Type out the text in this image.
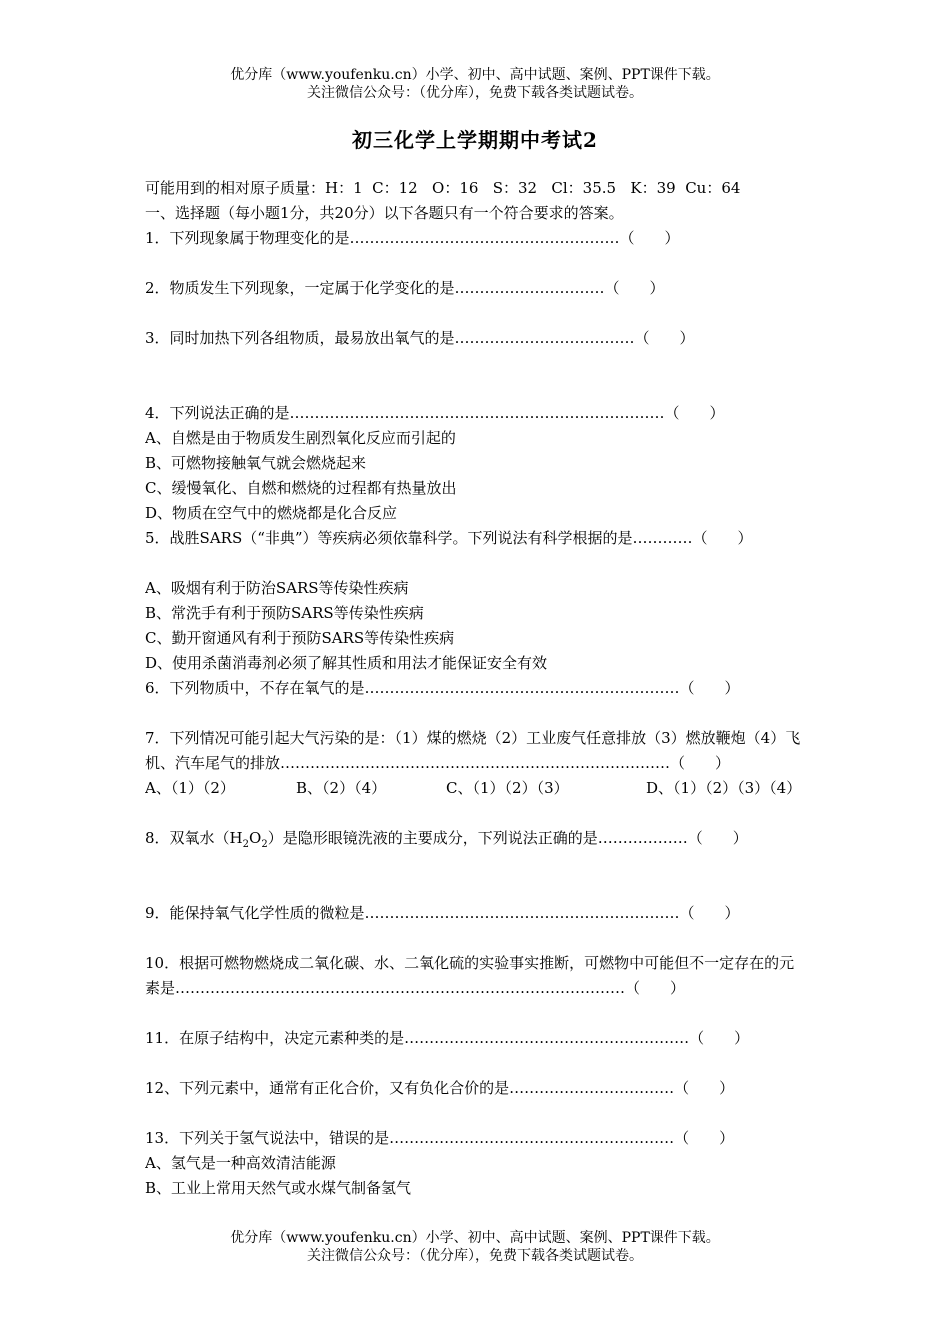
优分库（www.youfenku.cn）小学、初中、高中试题、案例、PPT课件下载。
关注微信公众号：（优分库），免费下载各类试题试卷。
初三化学上学期期中考试2
可能用到的相对原子质量：H：1  C：12   O：16   S：32   Cl：35.5   K：39  Cu：64
一、选择题（每小题1分，共20分）以下各题只有一个符合要求的答案。
1．下列现象属于物理变化的是………………………………………………（　　）

2．物质发生下列现象，一定属于化学变化的是…………………………（　　）

3．同时加热下列各组物质，最易放出氧气的是………………………………（　　）

4．下列说法正确的是…………………………………………………………………（　　）
A、自燃是由于物质发生剧烈氧化反应而引起的
B、可燃物接触氧气就会燃烧起来
C、缓慢氧化、自燃和燃烧的过程都有热量放出
D、物质在空气中的燃烧都是化合反应
5．战胜SARS（“非典”）等疾病必须依靠科学。下列说法有科学根据的是…………（　　）
A、吸烟有利于防治SARS等传染性疾病
B、常洗手有利于预防SARS等传染性疾病
C、勤开窗通风有利于预防SARS等传染性疾病
D、使用杀菌消毒剂必须了解其性质和用法才能保证安全有效
6．下列物质中，不存在氧气的是………………………………………………………（　　）

7．下列情况可能引起大气污染的是：（1）煤的燃烧（2）工业废气任意排放（3）燃放鞭炮（4）飞机、汽车尾气的排放……………………………………………………………………（　　）
A、（1）（2）	B、（2）（4）	C、（1）（2）（3）	D、（1）（2）（3）（4）
8．双氧水$(H_2O_2)$是隐形眼镜洗液的主要成分，下列说法正确的是………………（　　）

9．能保持氧气化学性质的微粒是………………………………………………………（　　）

10．根据可燃物燃烧成二氧化碳、水、二氧化硫的实验事实推断，可燃物中可能但不一定存在的元素是………………………………………………………………………………（　　）

11．在原子结构中，决定元素种类的是…………………………………………………（　　）

12、下列元素中，通常有正化合价，又有负化合价的是……………………………（　　）

13．下列关于氢气说法中，错误的是…………………………………………………（　　）
A、氢气是一种高效清洁能源
B、工业上常用天然气或水煤气制备氢气
优分库（www.youfenku.cn）小学、初中、高中试题、案例、PPT课件下载。
关注微信公众号：（优分库），免费下载各类试题试卷。
